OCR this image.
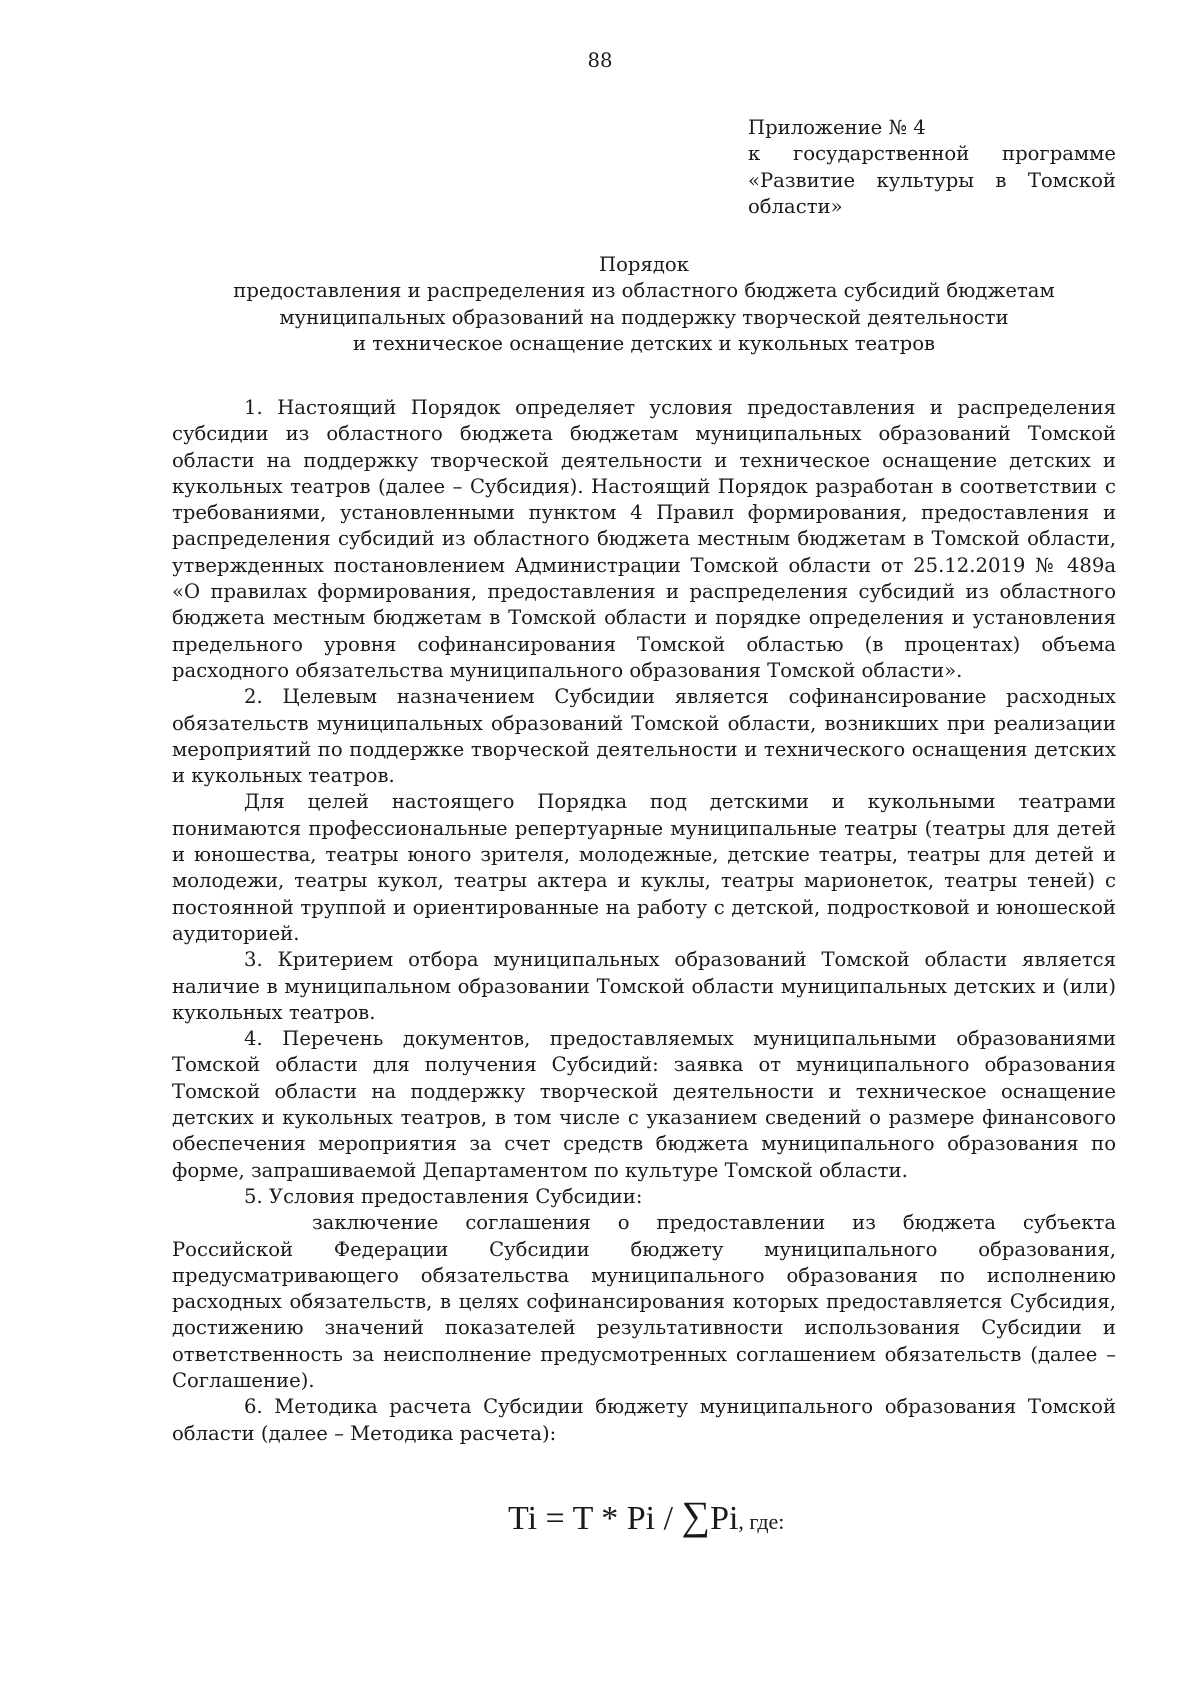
88
Приложение № 4
к государственной программе
«Развитие культуры в Томской
области»
Порядок
предоставления и распределения из областного бюджета субсидий бюджетам
муниципальных образований на поддержку творческой деятельности
и техническое оснащение детских и кукольных театров

1. Настоящий Порядок определяет условия предоставления и распределения субсидии из областного бюджета бюджетам муниципальных образований Томской области на поддержку творческой деятельности и техническое оснащение детских и кукольных театров (далее – Субсидия). Настоящий Порядок разработан в соответствии с требованиями, установленными пунктом 4 Правил формирования, предоставления и распределения субсидий из областного бюджета местным бюджетам в Томской области, утвержденных постановлением Администрации Томской области от 25.12.2019 № 489а «О правилах формирования, предоставления и распределения субсидий из областного бюджета местным бюджетам в Томской области и порядке определения и установления предельного уровня софинансирования Томской областью (в процентах) объема расходного обязательства муниципального образования Томской области».

2. Целевым назначением Субсидии является софинансирование расходных обязательств муниципальных образований Томской области, возникших при реализации мероприятий по поддержке творческой деятельности и технического оснащения детских и кукольных театров.

Для целей настоящего Порядка под детскими и кукольными театрами понимаются профессиональные репертуарные муниципальные театры (театры для детей и юношества, театры юного зрителя, молодежные, детские театры, театры для детей и молодежи, театры кукол, театры актера и куклы, театры марионеток, театры теней) с постоянной труппой и ориентированные на работу с детской, подростковой и юношеской аудиторией.

3. Критерием отбора муниципальных образований Томской области является наличие в муниципальном образовании Томской области муниципальных детских и (или) кукольных театров.

4. Перечень документов, предоставляемых муниципальными образованиями Томской области для получения Субсидий: заявка от муниципального образования Томской области на поддержку творческой деятельности и техническое оснащение детских и кукольных театров, в том числе с указанием сведений о размере финансового обеспечения мероприятия за счет средств бюджета муниципального образования по форме, запрашиваемой Департаментом по культуре Томской области.

5. Условия предоставления Субсидии:

заключение соглашения о предоставлении из бюджета субъекта Российской Федерации Субсидии бюджету муниципального образования, предусматривающего обязательства муниципального образования по исполнению расходных обязательств, в целях софинансирования которых предоставляется Субсидия, достижению значений показателей результативности использования Субсидии и ответственность за неисполнение предусмотренных соглашением обязательств (далее – Соглашение).

6. Методика расчета Субсидии бюджету муниципального образования Томской области (далее – Методика расчета):

Ti = T * Pi / ∑Pi, где:
